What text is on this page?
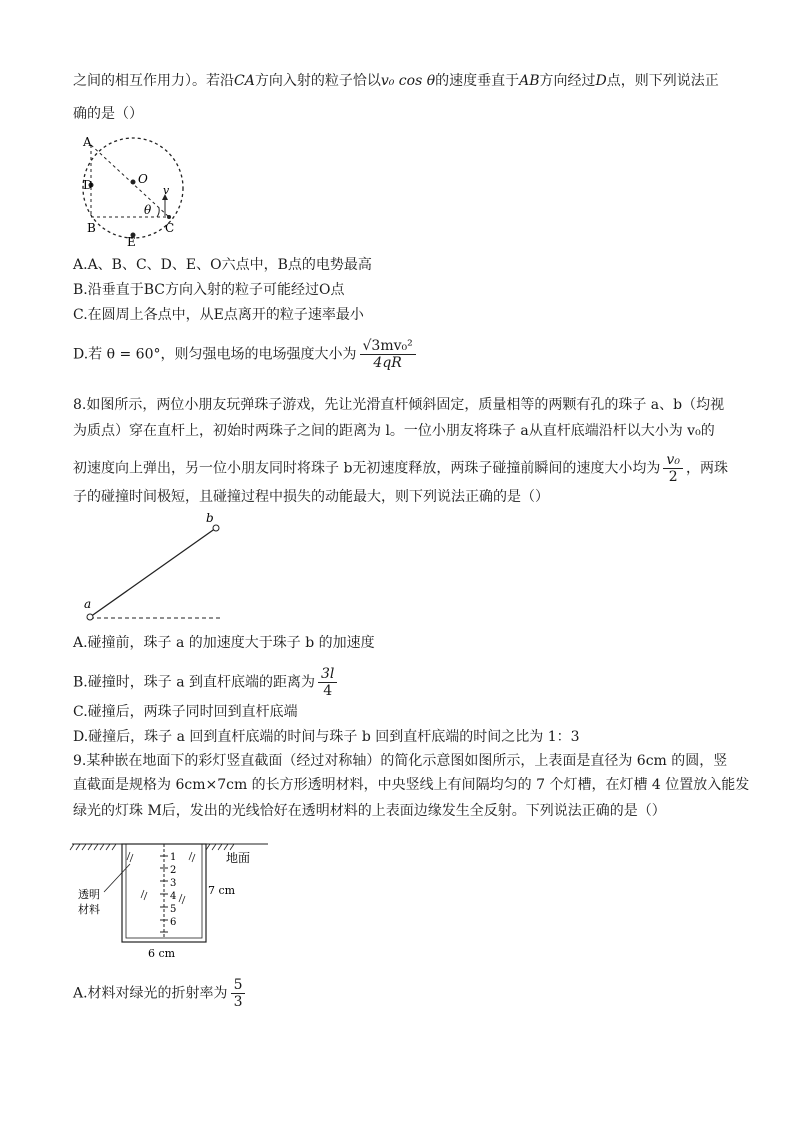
之间的相互作用力）。若沿CA方向入射的粒子恰以v₀ cos θ的速度垂直于AB方向经过D点，则下列说法正
确的是（）
A
D
B	C
E
O
v
θ
A.A、B、C、D、E、O六点中，B点的电势最高
B.沿垂直于BC方向入射的粒子可能经过O点
C.在圆周上各点中，从E点离开的粒子速率最小
D.若 θ = 60°，则匀强电场的电场强度大小为 $\frac{\text{√3mv₀²}}{4qR}$
8.如图所示，两位小朋友玩弹珠子游戏，先让光滑直杆倾斜固定，质量相等的两颗有孔的珠子 a、b（均视
为质点）穿在直杆上，初始时两珠子之间的距离为 l。一位小朋友将珠子 a从直杆底端沿杆以大小为 v₀的
初速度向上弹出，另一位小朋友同时将珠子 b无初速度释放，两珠子碰撞前瞬间的速度大小均为 $\frac{\text{v₀}}{2}$ ，两珠
子的碰撞时间极短，且碰撞过程中损失的动能最大，则下列说法正确的是（）
a
b
A.碰撞前，珠子 a 的加速度大于珠子 b 的加速度
B.碰撞时，珠子 a 到直杆底端的距离为 $\frac{3l}{4}$
C.碰撞后，两珠子同时回到直杆底端
D.碰撞后，珠子 a 回到直杆底端的时间与珠子 b 回到直杆底端的时间之比为 1：3
9.某种嵌在地面下的彩灯竖直截面（经过对称轴）的简化示意图如图所示，上表面是直径为 6cm 的圆，竖
直截面是规格为 6cm×7cm 的长方形透明材料，中央竖线上有间隔均匀的 7 个灯槽，在灯槽 4 位置放入能发
绿光的灯珠 M后，发出的光线恰好在透明材料的上表面边缘发生全反射。下列说法正确的是（）
1
2
3
4
5
6
地面
7 cm
透明
材料
6 cm
A.材料对绿光的折射率为 $\frac{5}{3}$
